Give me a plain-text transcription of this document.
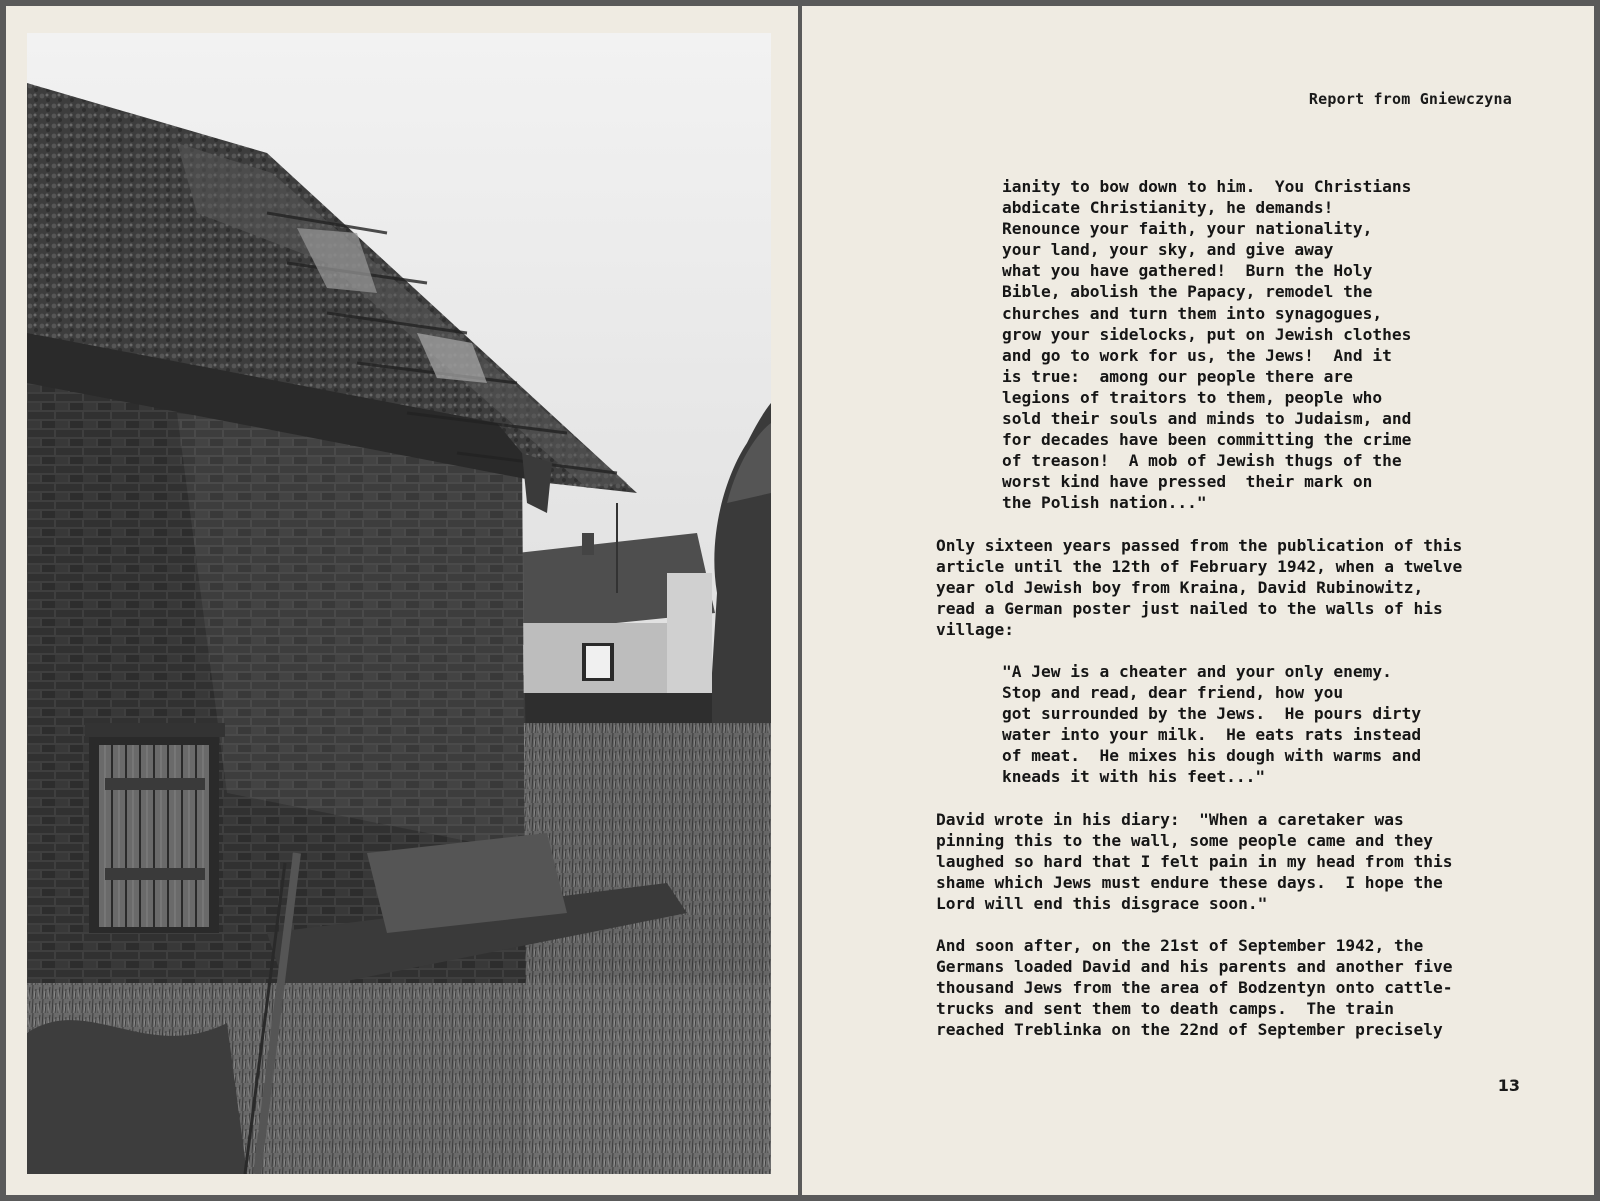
Report from Gniewczyna

ianity to bow down to him.  You Christians
abdicate Christianity, he demands!
Renounce your faith, your nationality,
your land, your sky, and give away
what you have gathered!  Burn the Holy
Bible, abolish the Papacy, remodel the
churches and turn them into synagogues,
grow your sidelocks, put on Jewish clothes
and go to work for us, the Jews!  And it
is true:  among our people there are
legions of traitors to them, people who
sold their souls and minds to Judaism, and
for decades have been committing the crime
of treason!  A mob of Jewish thugs of the
worst kind have pressed  their mark on
the Polish nation..."

Only sixteen years passed from the publication of this
article until the 12th of February 1942, when a twelve
year old Jewish boy from Kraina, David Rubinowitz,
read a German poster just nailed to the walls of his
village:

"A Jew is a cheater and your only enemy.
Stop and read, dear friend, how you
got surrounded by the Jews.  He pours dirty
water into your milk.  He eats rats instead
of meat.  He mixes his dough with warms and
kneads it with his feet..."

David wrote in his diary:  "When a caretaker was
pinning this to the wall, some people came and they
laughed so hard that I felt pain in my head from this
shame which Jews must endure these days.  I hope the
Lord will end this disgrace soon."

And soon after, on the 21st of September 1942, the
Germans loaded David and his parents and another five
thousand Jews from the area of Bodzentyn onto cattle-
trucks and sent them to death camps.  The train
reached Treblinka on the 22nd of September precisely

13
